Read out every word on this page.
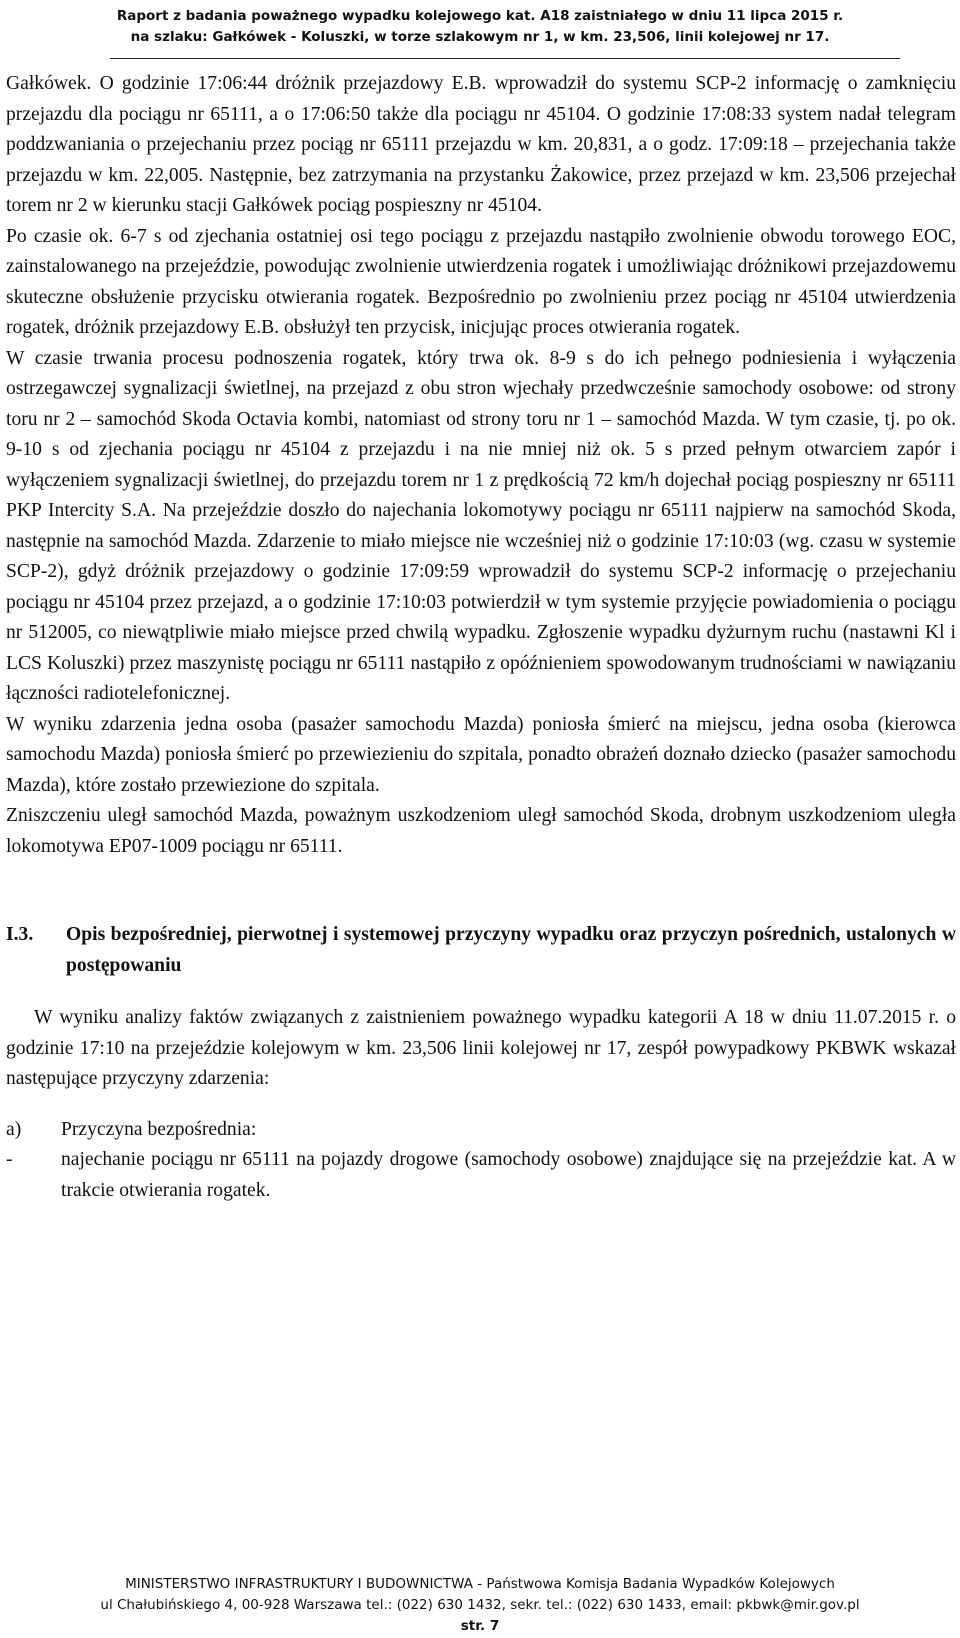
Raport z badania poważnego wypadku kolejowego kat. A18 zaistniałego w dniu 11 lipca 2015 r.
na szlaku: Gałkówek - Koluszki, w torze szlakowym nr 1, w km. 23,506, linii kolejowej nr 17.

Gałkówek. O godzinie 17:06:44 dróżnik przejazdowy E.B. wprowadził do systemu SCP-2 informację o zamknięciu przejazdu dla pociągu nr 65111, a o 17:06:50 także dla pociągu nr 45104. O godzinie 17:08:33 system nadał telegram poddzwaniania o przejechaniu przez pociąg nr 65111 przejazdu w km. 20,831, a o godz. 17:09:18 – przejechania także przejazdu w km. 22,005. Następnie, bez zatrzymania na przystanku Żakowice, przez przejazd w km. 23,506 przejechał torem nr 2 w kierunku stacji Gałkówek pociąg pospieszny nr 45104.

Po czasie ok. 6-7 s od zjechania ostatniej osi tego pociągu z przejazdu nastąpiło zwolnienie obwodu torowego EOC, zainstalowanego na przejeździe, powodując zwolnienie utwierdzenia rogatek i umożliwiając dróżnikowi przejazdowemu skuteczne obsłużenie przycisku otwierania rogatek. Bezpośrednio po zwolnieniu przez pociąg nr 45104 utwierdzenia rogatek, dróżnik przejazdowy E.B. obsłużył ten przycisk, inicjując proces otwierania rogatek.

W czasie trwania procesu podnoszenia rogatek, który trwa ok. 8-9 s do ich pełnego podniesienia i wyłączenia ostrzegawczej sygnalizacji świetlnej, na przejazd z obu stron wjechały przedwcześnie samochody osobowe: od strony toru nr 2 – samochód Skoda Octavia kombi, natomiast od strony toru nr 1 – samochód Mazda. W tym czasie, tj. po ok. 9-10 s od zjechania pociągu nr 45104 z przejazdu i na nie mniej niż ok. 5 s przed pełnym otwarciem zapór i wyłączeniem sygnalizacji świetlnej, do przejazdu torem nr 1 z prędkością 72 km/h dojechał pociąg pospieszny nr 65111 PKP Intercity S.A. Na przejeździe doszło do najechania lokomotywy pociągu nr 65111 najpierw na samochód Skoda, następnie na samochód Mazda. Zdarzenie to miało miejsce nie wcześniej niż o godzinie 17:10:03 (wg. czasu w systemie SCP-2), gdyż dróżnik przejazdowy o godzinie 17:09:59 wprowadził do systemu SCP-2 informację o przejechaniu pociągu nr 45104 przez przejazd, a o godzinie 17:10:03 potwierdził w tym systemie przyjęcie powiadomienia o pociągu nr 512005, co niewątpliwie miało miejsce przed chwilą wypadku. Zgłoszenie wypadku dyżurnym ruchu (nastawni Kl i LCS Koluszki) przez maszynistę pociągu nr 65111 nastąpiło z opóźnieniem spowodowanym trudnościami w nawiązaniu łączności radiotelefonicznej.

W wyniku zdarzenia jedna osoba (pasażer samochodu Mazda) poniosła śmierć na miejscu, jedna osoba (kierowca samochodu Mazda) poniosła śmierć po przewiezieniu do szpitala, ponadto obrażeń doznało dziecko (pasażer samochodu Mazda), które zostało przewiezione do szpitala.

Zniszczeniu uległ samochód Mazda, poważnym uszkodzeniom uległ samochód Skoda, drobnym uszkodzeniom uległa lokomotywa EP07-1009 pociągu nr 65111.

I.3.	Opis bezpośredniej, pierwotnej i systemowej przyczyny wypadku oraz przyczyn pośrednich, ustalonych w postępowaniu

W wyniku analizy faktów związanych z zaistnieniem poważnego wypadku kategorii A 18 w dniu 11.07.2015 r. o godzinie 17:10 na przejeździe kolejowym w km. 23,506 linii kolejowej nr 17, zespół powypadkowy PKBWK wskazał następujące przyczyny zdarzenia:

a)	Przyczyna bezpośrednia:
-	najechanie pociągu nr 65111 na pojazdy drogowe (samochody osobowe) znajdujące się na przejeździe kat. A w trakcie otwierania rogatek.
MINISTERSTWO INFRASTRUKTURY I BUDOWNICTWA - Państwowa Komisja Badania Wypadków Kolejowych
ul Chałubińskiego 4, 00-928 Warszawa tel.: (022) 630 1432, sekr. tel.: (022) 630 1433, email: pkbwk@mir.gov.pl
str. 7
